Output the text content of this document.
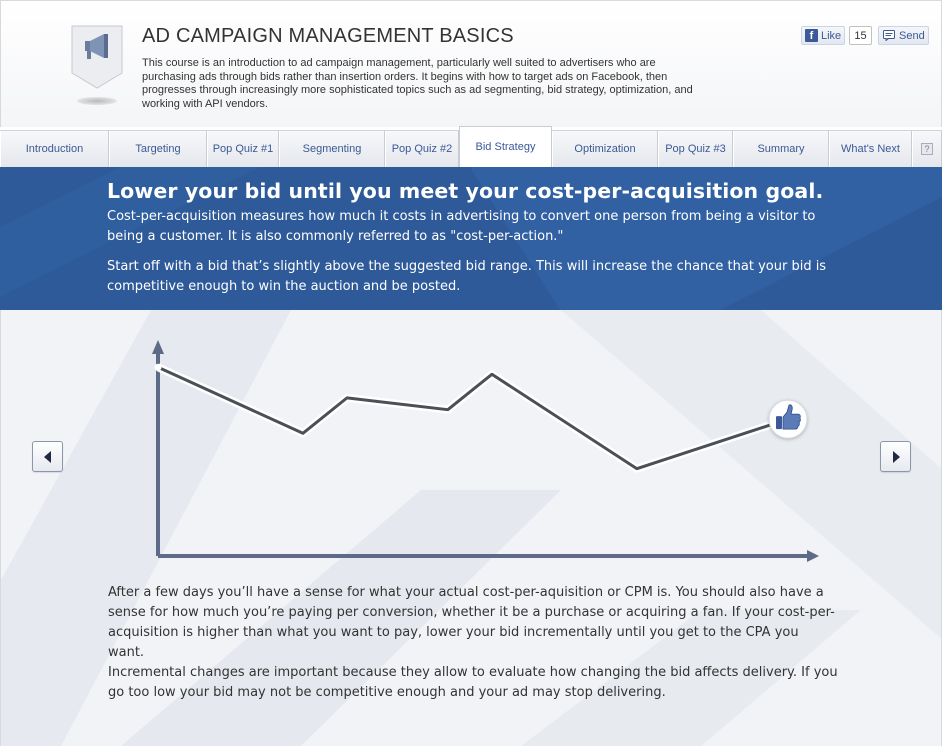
AD CAMPAIGN MANAGEMENT BASICS
This course is an introduction to ad campaign management, particularly well suited to advertisers who are purchasing ads through bids rather than insertion orders. It begins with how to target ads on Facebook, then progresses through increasingly more sophisticated topics such as ad segmenting, bid strategy, optimization, and working with API vendors.
f Like	15	Send
Introduction	Targeting	Pop Quiz #1	Segmenting	Pop Quiz #2	Bid Strategy	Optimization	Pop Quiz #3	Summary	What's Next	?
Lower your bid until you meet your cost-per-acquisition goal.

Cost-per-acquisition measures how much it costs in advertising to convert one person from being a visitor to being a customer. It is also commonly referred to as "cost-per-action."

Start off with a bid that’s slightly above the suggested bid range. This will increase the chance that your bid is competitive enough to win the auction and be posted.

After a few days you’ll have a sense for what your actual cost-per-aquisition or CPM is. You should also have a sense for how much you’re paying per conversion, whether it be a purchase or acquiring a fan. If your cost-per-acquisition is higher than what you want to pay, lower your bid incrementally until you get to the CPA you want.

Incremental changes are important because they allow to evaluate how changing the bid affects delivery. If you go too low your bid may not be competitive enough and your ad may stop delivering.
